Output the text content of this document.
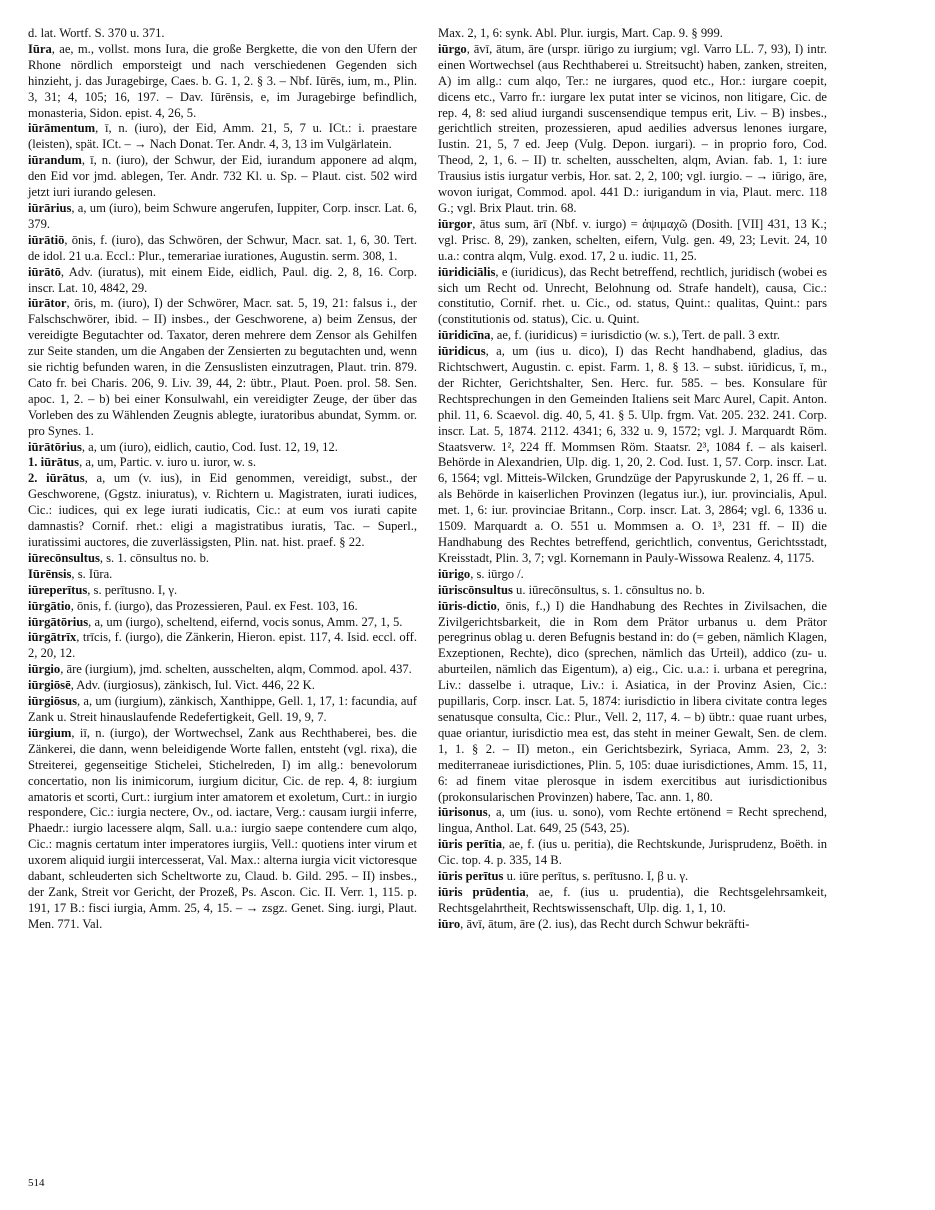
d. lat. Wortf. S. 370 u. 371.

Iūra, ae, m., vollst. mons Iura, die große Bergkette, die von den Ufern der Rhone nördlich emporsteigt und nach verschiedenen Gegenden sich hinzieht, j. das Juragebirge, Caes. b. G. 1, 2. § 3. – Nbf. Iūrēs, ium, m., Plin. 3, 31; 4, 105; 16, 197. – Dav. Iūrēnsis, e, im Juragebirge befindlich, monasteria, Sidon. epist. 4, 26, 5.

iūrāmentum, ī, n. (iuro), der Eid, Amm. 21, 5, 7 u. ICt.: i. praestare (leisten), spät. ICt. – → Nach Donat. Ter. Andr. 4, 3, 13 im Vulgärlatein.

iūrandum, ī, n. (iuro), der Schwur, der Eid, iurandum apponere ad alqm, den Eid vor jmd. ablegen, Ter. Andr. 732 Kl. u. Sp. – Plaut. cist. 502 wird jetzt iuri iurando gelesen.

iūrārius, a, um (iuro), beim Schwure angerufen, Iuppiter, Corp. inscr. Lat. 6, 379.

iūrātiō, ōnis, f. (iuro), das Schwören, der Schwur, Macr. sat. 1, 6, 30. Tert. de idol. 21 u.a. Eccl.: Plur., temerariae iurationes, Augustin. serm. 308, 1.

iūrātō, Adv. (iuratus), mit einem Eide, eidlich, Paul. dig. 2, 8, 16. Corp. inscr. Lat. 10, 4842, 29.

iūrātor, ōris, m. (iuro), I) der Schwörer, Macr. sat. 5, 19, 21: falsus i., der Falschschwörer, ibid. – II) insbes., der Geschworene, a) beim Zensus, der vereidigte Begutachter od. Taxator, deren mehrere dem Zensor als Gehilfen zur Seite standen, um die Angaben der Zensierten zu begutachten und, wenn sie richtig befunden waren, in die Zensuslisten einzutragen, Plaut. trin. 879. Cato fr. bei Charis. 206, 9. Liv. 39, 44, 2: übtr., Plaut. Poen. prol. 58. Sen. apoc. 1, 2. – b) bei einer Konsulwahl, ein vereidigter Zeuge, der über das Vorleben des zu Wählenden Zeugnis ablegte, iuratoribus abundat, Symm. or. pro Synes. 1.

iūrātōrius, a, um (iuro), eidlich, cautio, Cod. Iust. 12, 19, 12.

1. iūrātus, a, um, Partic. v. iuro u. iuror, w. s.

2. iūrātus, a, um (v. ius), in Eid genommen, vereidigt, subst., der Geschworene, (Ggstz. iniuratus), v. Richtern u. Magistraten, iurati iudices, Cic.: iudices, qui ex lege iurati iudicatis, Cic.: at eum vos iurati capite damnastis? Cornif. rhet.: eligi a magistratibus iuratis, Tac. – Superl., iuratissimi auctores, die zuverlässigsten, Plin. nat. hist. praef. § 22.

iūrecōnsultus, s. 1. cōnsultus no. b.

Iūrēnsis, s. Iūra.

iūreperītus, s. perītusno. I, γ.

iūrgātio, ōnis, f. (iurgo), das Prozessieren, Paul. ex Fest. 103, 16.

iūrgātōrius, a, um (iurgo), scheltend, eifernd, vocis sonus, Amm. 27, 1, 5.

iūrgātrīx, trīcis, f. (iurgo), die Zänkerin, Hieron. epist. 117, 4. Isid. eccl. off. 2, 20, 12.

iūrgio, āre (iurgium), jmd. schelten, ausschelten, alqm, Commod. apol. 437.

iūrgiōsē, Adv. (iurgiosus), zänkisch, Iul. Vict. 446, 22 K.

iūrgiōsus, a, um (iurgium), zänkisch, Xanthippe, Gell. 1, 17, 1: facundia, auf Zank u. Streit hinauslaufende Redefertigkeit, Gell. 19, 9, 7.

iūrgium, iī, n. (iurgo), der Wortwechsel, Zank aus Rechthaberei, bes. die Zänkerei, die dann, wenn beleidigende Worte fallen, entsteht (vgl. rixa), die Streiterei, gegenseitige Stichelei, Stichelreden, I) im allg.: benevolorum concertatio, non lis inimicorum, iurgium dicitur, Cic. de rep. 4, 8: iurgium amatoris et scorti, Curt.: iurgium inter amatorem et exoletum, Curt.: in iurgio respondere, Cic.: iurgia nectere, Ov., od. iactare, Verg.: causam iurgii inferre, Phaedr.: iurgio lacessere alqm, Sall. u.a.: iurgio saepe contendere cum alqo, Cic.: magnis certatum inter imperatores iurgiis, Vell.: quotiens inter virum et uxorem aliquid iurgii intercesserat, Val. Max.: alterna iurgia vicit victoresque dabant, schleuderten sich Scheltworte zu, Claud. b. Gild. 295. – II) insbes., der Zank, Streit vor Gericht, der Prozeß, Ps. Ascon. Cic. II. Verr. 1, 115. p. 191, 17 B.: fisci iurgia, Amm. 25, 4, 15. – → zsgz. Genet. Sing. iurgi, Plaut. Men. 771. Val.

Max. 2, 1, 6: synk. Abl. Plur. iurgis, Mart. Cap. 9. § 999.

iūrgo, āvī, ātum, āre (urspr. iūrigo zu iurgium; vgl. Varro LL. 7, 93), I) intr. einen Wortwechsel (aus Rechthaberei u. Streitsucht) haben, zanken, streiten, A) im allg.: cum alqo, Ter.: ne iurgares, quod etc., Hor.: iurgare coepit, dicens etc., Varro fr.: iurgare lex putat inter se vicinos, non litigare, Cic. de rep. 4, 8: sed aliud iurgandi suscensendique tempus erit, Liv. – B) insbes., gerichtlich streiten, prozessieren, apud aedilies adversus lenones iurgare, Iustin. 21, 5, 7 ed. Jeep (Vulg. Depon. iurgari). – in proprio foro, Cod. Theod, 2, 1, 6. – II) tr. schelten, ausschelten, alqm, Avian. fab. 1, 1: iure Trausius istis iurgatur verbis, Hor. sat. 2, 2, 100; vgl. iurgio. – → iūrigo, āre, wovon iurigat, Commod. apol. 441 D.: iurigandum in via, Plaut. merc. 118 G.; vgl. Brix Plaut. trin. 68.

iūrgor, ātus sum, ārī (Nbf. v. iurgo) = ἀψιμαχῶ (Dosith. [VII] 431, 13 K.; vgl. Prisc. 8, 29), zanken, schelten, eifern, Vulg. gen. 49, 23; Levit. 24, 10 u.a.: contra alqm, Vulg. exod. 17, 2 u. iudic. 11, 25.

iūridiciālis, e (iuridicus), das Recht betreffend, rechtlich, juridisch (wobei es sich um Recht od. Unrecht, Belohnung od. Strafe handelt), causa, Cic.: constitutio, Cornif. rhet. u. Cic., od. status, Quint.: qualitas, Quint.: pars (constitutionis od. status), Cic. u. Quint.

iūridicīna, ae, f. (iuridicus) = iurisdictio (w. s.), Tert. de pall. 3 extr.

iūridicus, a, um (ius u. dico), I) das Recht handhabend, gladius, das Richtschwert, Augustin. c. epist. Farm. 1, 8. § 13. – subst. iūridicus, ī, m., der Richter, Gerichtshalter, Sen. Herc. fur. 585. – bes. Konsulare für Rechtsprechungen in den Gemeinden Italiens seit Marc Aurel, Capit. Anton. phil. 11, 6. Scaevol. dig. 40, 5, 41. § 5. Ulp. frgm. Vat. 205. 232. 241. Corp. inscr. Lat. 5, 1874. 2112. 4341; 6, 332 u. 9, 1572; vgl. J. Marquardt Röm. Staatsverw. 1², 224 ff. Mommsen Röm. Staatsr. 2³, 1084 f. – als kaiserl. Behörde in Alexandrien, Ulp. dig. 1, 20, 2. Cod. Iust. 1, 57. Corp. inscr. Lat. 6, 1564; vgl. Mitteis-Wilcken, Grundzüge der Papyruskunde 2, 1, 26 ff. – u. als Behörde in kaiserlichen Provinzen (legatus iur.), iur. provincialis, Apul. met. 1, 6: iur. provinciae Britann., Corp. inscr. Lat. 3, 2864; vgl. 6, 1336 u. 1509. Marquardt a. O. 551 u. Mommsen a. O. 1³, 231 ff. – II) die Handhabung des Rechtes betreffend, gerichtlich, conventus, Gerichtsstadt, Kreisstadt, Plin. 3, 7; vgl. Kornemann in Pauly-Wissowa Realenz. 4, 1175.

iūrigo, s. iūrgo /.

iūriscōnsultus u. iūrecōnsultus, s. 1. cōnsultus no. b.

iūris-dictio, ōnis, f.,) I) die Handhabung des Rechtes in Zivilsachen, die Zivilgerichtsbarkeit, die in Rom dem Prätor urbanus u. dem Prätor peregrinus oblag u. deren Befugnis bestand in: do (= geben, nämlich Klagen, Exzeptionen, Rechte), dico (sprechen, nämlich das Urteil), addico (zu- u. aburteilen, nämlich das Eigentum), a) eig., Cic. u.a.: i. urbana et peregrina, Liv.: dasselbe i. utraque, Liv.: i. Asiatica, in der Provinz Asien, Cic.: pupillaris, Corp. inscr. Lat. 5, 1874: iurisdictio in libera civitate contra leges senatusque consulta, Cic.: Plur., Vell. 2, 117, 4. – b) übtr.: quae ruant urbes, quae oriantur, iurisdictio mea est, das steht in meiner Gewalt, Sen. de clem. 1, 1. § 2. – II) meton., ein Gerichtsbezirk, Syriaca, Amm. 23, 2, 3: mediterraneae iurisdictiones, Plin. 5, 105: duae iurisdictiones, Amm. 15, 11, 6: ad finem vitae plerosque in isdem exercitibus aut iurisdictionibus (prokonsularischen Provinzen) habere, Tac. ann. 1, 80.

iūrisonus, a, um (ius. u. sono), vom Rechte ertönend = Recht sprechend, lingua, Anthol. Lat. 649, 25 (543, 25).

iūris perītia, ae, f. (ius u. peritia), die Rechtskunde, Jurisprudenz, Boëth. in Cic. top. 4. p. 335, 14 B.

iūris perītus u. iūre perītus, s. perītusno. I, β u. γ.

iūris prūdentia, ae, f. (ius u. prudentia), die Rechtsgelehrsamkeit, Rechtsgelahrtheit, Rechtswissenschaft, Ulp. dig. 1, 1, 10.

iūro, āvī, ātum, āre (2. ius), das Recht durch Schwur bekräfti-

514
